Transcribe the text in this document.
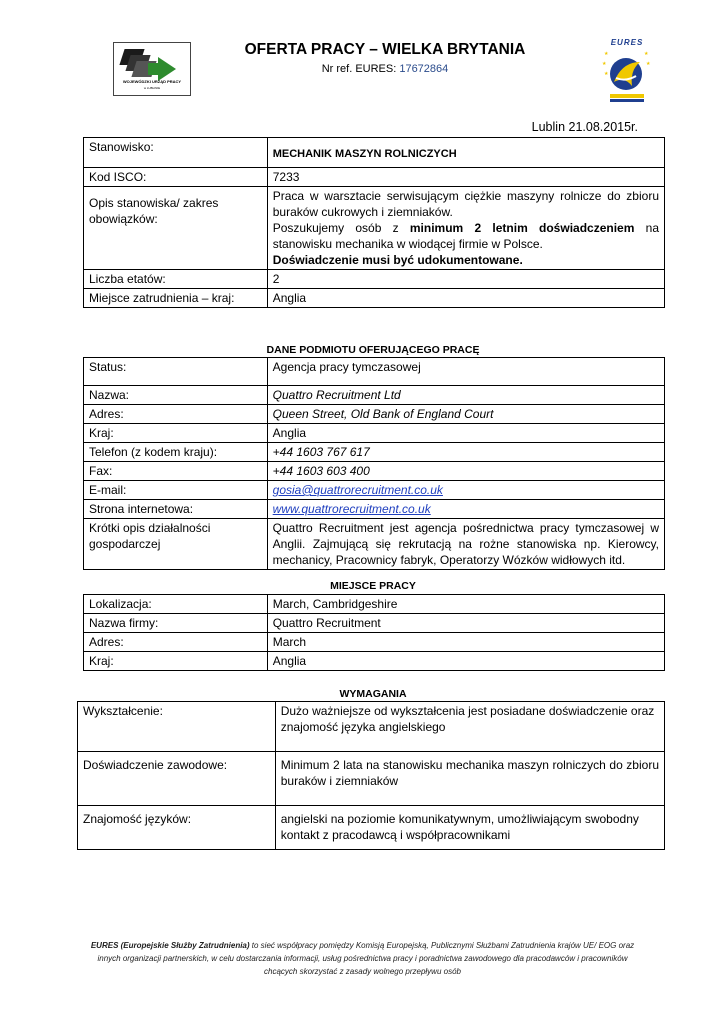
WOJEWÓDZKI URZĄD PRACY
w LUBLINIE
OFERTA PRACY – WIELKA BRYTANIA
Nr ref. EURES: 17672864
EURES
★
★
★
★
★
Lublin 21.08.2015r.
Stanowisko:	MECHANIK MASZYN ROLNICZYCH
Kod ISCO:	7233
Opis stanowiska/ zakres obowiązków:	Praca w warsztacie serwisującym ciężkie maszyny rolnicze do zbioru buraków cukrowych i ziemniaków.
Poszukujemy osób z minimum 2 letnim doświadczeniem na stanowisku mechanika w wiodącej firmie w Polsce.
Doświadczenie musi być udokumentowane.

Liczba etatów:	2
Miejsce zatrudnienia – kraj:	Anglia
DANE PODMIOTU OFERUJĄCEGO PRACĘ
Status:	Agencja pracy tymczasowej
Nazwa:	Quattro Recruitment Ltd
Adres:	Queen Street, Old Bank of England Court
Kraj:	Anglia
Telefon (z kodem kraju):	+44 1603 767 617
Fax:	+44 1603 603 400
E-mail:	gosia@quattrorecruitment.co.uk
Strona internetowa:	www.quattrorecruitment.co.uk
Krótki opis działalności gospodarczej	Quattro Recruitment jest agencja pośrednictwa pracy tymczasowej w Anglii. Zajmującą się rekrutacją na rożne stanowiska np. Kierowcy, mechanicy, Pracownicy fabryk, Operatorzy Wózków widłowych itd.
MIEJSCE PRACY
Lokalizacja:	March, Cambridgeshire
Nazwa firmy:	Quattro Recruitment
Adres:	March
Kraj:	Anglia
WYMAGANIA
Wykształcenie:	Dużo ważniejsze od wykształcenia jest posiadane doświadczenie oraz znajomość języka angielskiego
Doświadczenie zawodowe:	Minimum 2 lata na stanowisku mechanika maszyn rolniczych do zbioru buraków i ziemniaków
Znajomość języków:	angielski na poziomie komunikatywnym, umożliwiającym swobodny kontakt z pracodawcą i współpracownikami
EURES (Europejskie Służby Zatrudnienia) to sieć współpracy pomiędzy Komisją Europejską, Publicznymi Służbami Zatrudnienia krajów UE/ EOG oraz innych organizacji partnerskich, w celu dostarczania informacji, usług pośrednictwa pracy i poradnictwa zawodowego dla pracodawców i pracowników chcących skorzystać z zasady wolnego przepływu osób
